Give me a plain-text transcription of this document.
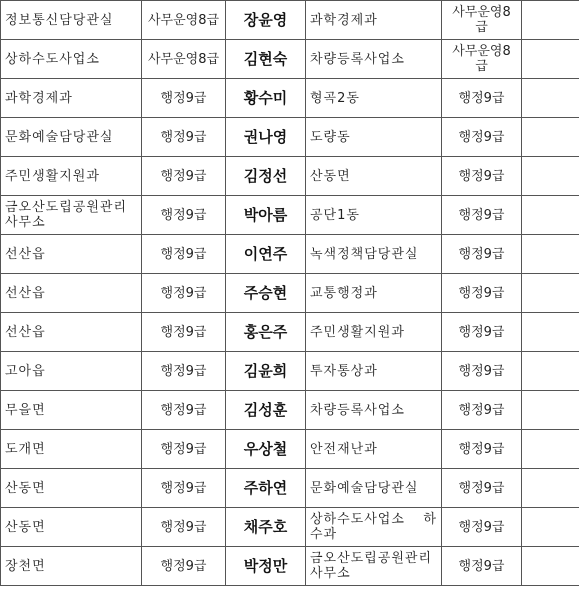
정보통신담당관실	사무운영8급	장윤영	과학경제과	사무운영8급	
상하수도사업소	사무운영8급	김현숙	차량등록사업소	사무운영8급	
과학경제과	행정9급	황수미	형곡2동	행정9급	
문화예술담당관실	행정9급	권나영	도량동	행정9급	
주민생활지원과	행정9급	김정선	산동면	행정9급	
금오산도립공원관리사무소	행정9급	박아름	공단1동	행정9급	
선산읍	행정9급	이연주	녹색정책담당관실	행정9급	
선산읍	행정9급	주승현	교통행정과	행정9급	
선산읍	행정9급	홍은주	주민생활지원과	행정9급	
고아읍	행정9급	김윤희	투자통상과	행정9급	
무을면	행정9급	김성훈	차량등록사업소	행정9급	
도개면	행정9급	우상철	안전재난과	행정9급	
산동면	행정9급	주하연	문화예술담당관실	행정9급	
산동면	행정9급	채주호	상하수도사업소 하수과	행정9급	
장천면	행정9급	박정만	금오산도립공원관리사무소	행정9급	
